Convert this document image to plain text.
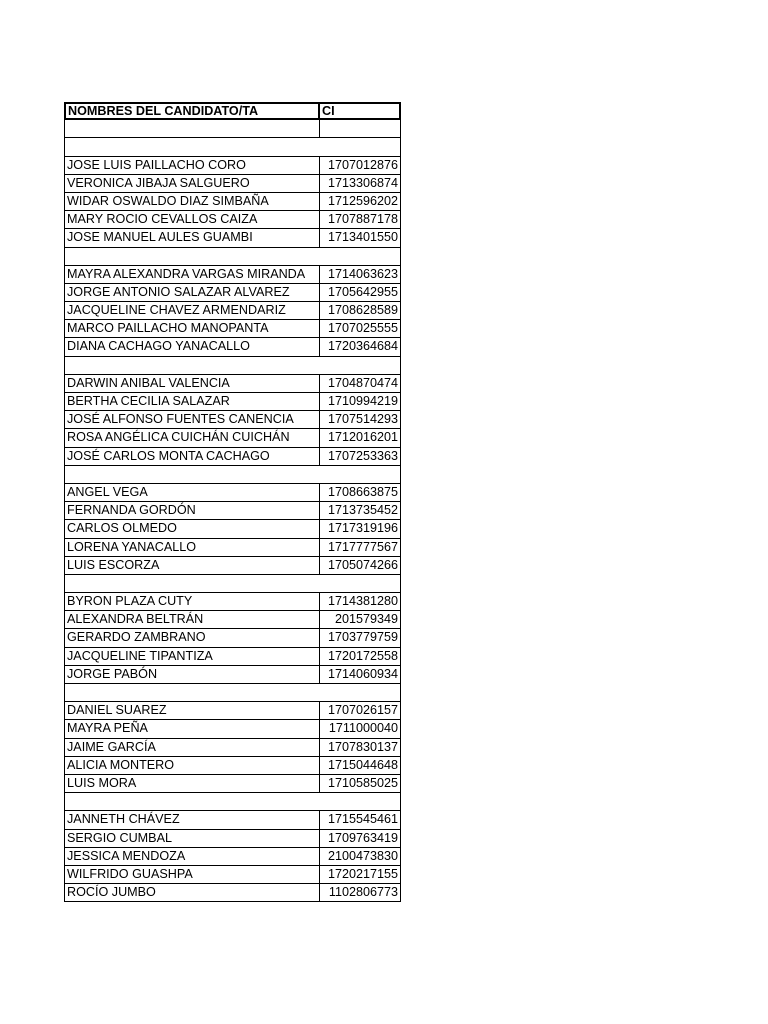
NOMBRES DEL CANDIDATO/TA	CI
JOSE LUIS PAILLACHO CORO	1707012876
VERONICA JIBAJA SALGUERO	1713306874
WIDAR OSWALDO DIAZ SIMBAÑA	1712596202
MARY ROCIO CEVALLOS CAIZA	1707887178
JOSE MANUEL AULES GUAMBI	1713401550
MAYRA ALEXANDRA VARGAS MIRANDA	1714063623
JORGE ANTONIO SALAZAR ALVAREZ	1705642955
JACQUELINE CHAVEZ ARMENDARIZ	1708628589
MARCO PAILLACHO MANOPANTA	1707025555
DIANA CACHAGO YANACALLO	1720364684
DARWIN ANIBAL VALENCIA	1704870474
BERTHA CECILIA SALAZAR	1710994219
JOSÉ ALFONSO FUENTES CANENCIA	1707514293
ROSA ANGÉLICA CUICHÁN CUICHÁN	1712016201
JOSÉ CARLOS MONTA CACHAGO	1707253363
ANGEL VEGA	1708663875
FERNANDA GORDÓN	1713735452
CARLOS OLMEDO	1717319196
LORENA YANACALLO	1717777567
LUIS ESCORZA	1705074266
BYRON PLAZA CUTY	1714381280
ALEXANDRA BELTRÁN	201579349
GERARDO ZAMBRANO	1703779759
JACQUELINE TIPANTIZA	1720172558
JORGE PABÓN	1714060934
DANIEL SUAREZ	1707026157
MAYRA PEÑA	1711000040
JAIME GARCÍA	1707830137
ALICIA MONTERO	1715044648
LUIS MORA	1710585025
JANNETH CHÁVEZ	1715545461
SERGIO CUMBAL	1709763419
JESSICA MENDOZA	2100473830
WILFRIDO GUASHPA	1720217155
ROCÍO JUMBO	1102806773
